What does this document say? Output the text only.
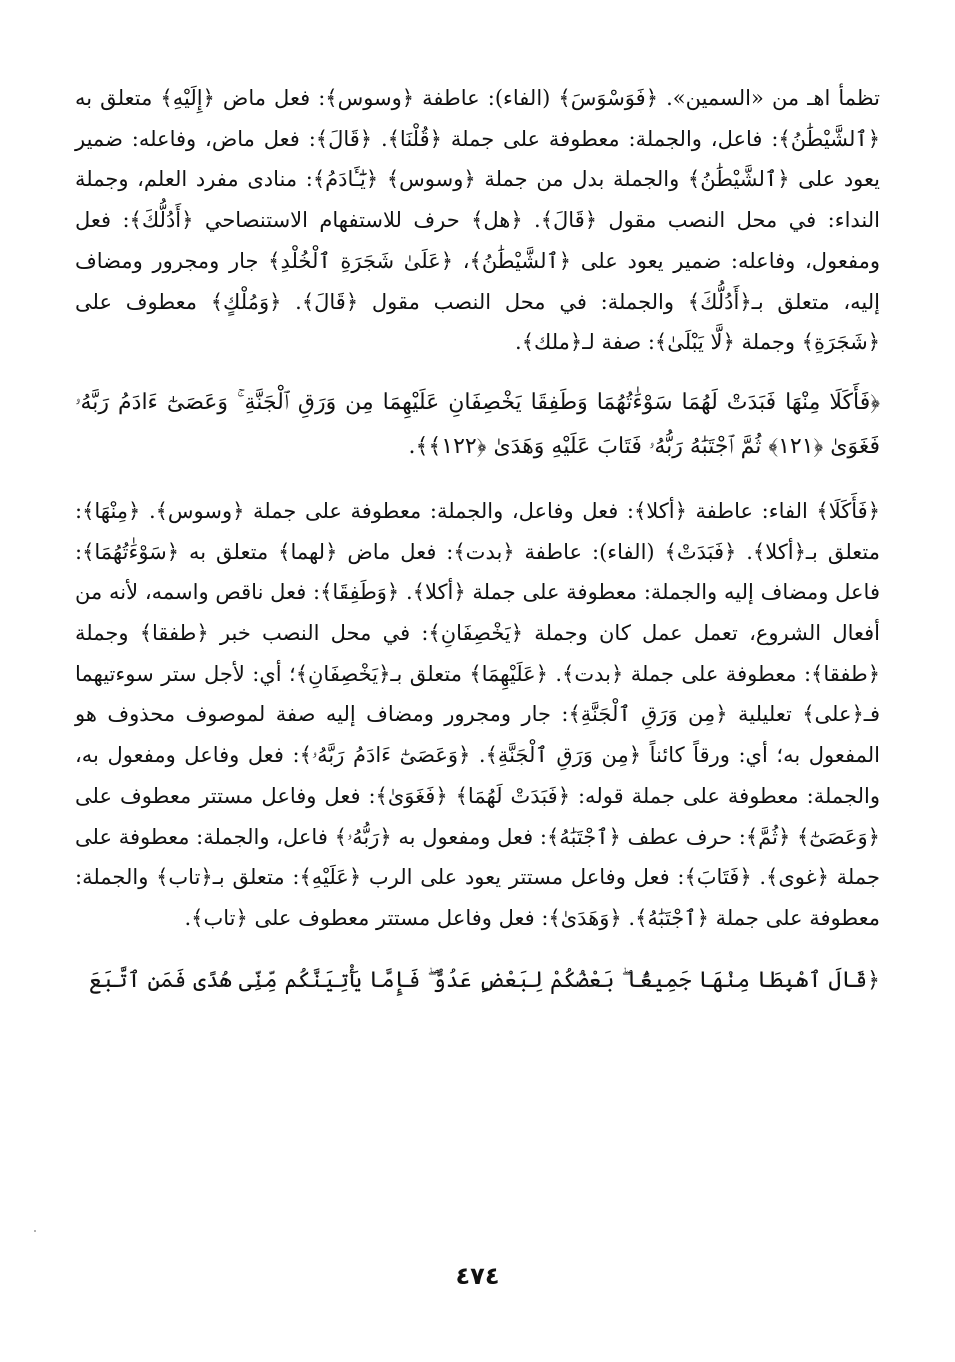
تظمأ اهـ من «السمين». ﴿فَوَسْوَسَ﴾ (الفاء): عاطفة ﴿وسوس﴾: فعل ماض ﴿إِلَيْهِ﴾ متعلق به ﴿ٱلشَّيْطَٰنُ﴾: فاعل، والجملة: معطوفة على جملة ﴿قُلْنَا﴾. ﴿قَالَ﴾: فعل ماض، وفاعله: ضمير يعود على ﴿ٱلشَّيْطَٰنُ﴾ والجملة بدل من جملة ﴿وسوس﴾ ﴿يَٰٓـَٔادَمُ﴾: منادى مفرد العلم، وجملة النداء: في محل النصب مقول ﴿قَالَ﴾. ﴿هل﴾ حرف للاستفهام الاستنصاحي ﴿أَدُلُّكَ﴾: فعل ومفعول، وفاعله: ضمير يعود على ﴿ٱلشَّيْطَٰنُ﴾، ﴿عَلَىٰ شَجَرَةِ ٱلْخُلْدِ﴾ جار ومجرور ومضاف إليه، متعلق بـ﴿أَدُلُّكَ﴾ والجملة: في محل النصب مقول ﴿قَالَ﴾. ﴿وَمُلْكٍ﴾ معطوف على ﴿شَجَرَةِ﴾ وجملة ﴿لَّا يَبْلَىٰ﴾: صفة لـ﴿ملك﴾.

﴿فَأَكَلَا مِنْهَا فَبَدَتْ لَهُمَا سَوْءَٰتُهُمَا وَطَفِقَا يَخْصِفَانِ عَلَيْهِمَا مِن وَرَقِ ٱلْجَنَّةِ ۚ وَعَصَىٰٓ ءَادَمُ رَبَّهُۥ فَغَوَىٰ ﴿١٢١﴾ ثُمَّ ٱجْتَبَٰهُ رَبُّهُۥ فَتَابَ عَلَيْهِ وَهَدَىٰ ﴿١٢٢﴾﴾.

﴿فَأَكَلَا﴾ الفاء: عاطفة ﴿أكلا﴾: فعل وفاعل، والجملة: معطوفة على جملة ﴿وسوس﴾. ﴿مِنْهَا﴾: متعلق بـ﴿أكلا﴾. ﴿فَبَدَتْ﴾ (الفاء): عاطفة ﴿بدت﴾: فعل ماض ﴿لهما﴾ متعلق به ﴿سَوْءَٰتُهُمَا﴾: فاعل ومضاف إليه والجملة: معطوفة على جملة ﴿أكلا﴾. ﴿وَطَفِقَا﴾: فعل ناقص واسمه، لأنه من أفعال الشروع، تعمل عمل كان وجملة ﴿يَخْصِفَانِ﴾: في محل النصب خبر ﴿طفقا﴾ وجملة ﴿طفقا﴾: معطوفة على جملة ﴿بدت﴾. ﴿عَلَيْهِمَا﴾ متعلق بـ﴿يَخْصِفَانِ﴾؛ أي: لأجل ستر سوءتيهما فـ﴿على﴾ تعليلية ﴿مِن وَرَقِ ٱلْجَنَّةِ﴾: جار ومجرور ومضاف إليه صفة لموصوف محذوف هو المفعول به؛ أي: ورقاً كائناً ﴿مِن وَرَقِ ٱلْجَنَّةِ﴾. ﴿وَعَصَىٰٓ ءَادَمُ رَبَّهُۥ﴾: فعل وفاعل ومفعول به، والجملة: معطوفة على جملة قوله: ﴿فَبَدَتْ لَهُمَا﴾ ﴿فَغَوَىٰ﴾: فعل وفاعل مستتر معطوف على ﴿وَعَصَىٰٓ﴾ ﴿ثُمَّ﴾: حرف عطف ﴿ٱجْتَبَٰهُ﴾: فعل ومفعول به ﴿رَبُّهُۥ﴾ فاعل، والجملة: معطوفة على جملة ﴿غوى﴾. ﴿فَتَابَ﴾: فعل وفاعل مستتر يعود على الرب ﴿عَلَيْهِ﴾: متعلق بـ﴿تاب﴾ والجملة: معطوفة على جملة ﴿ٱجْتَبَٰهُ﴾. ﴿وَهَدَىٰ﴾: فعل وفاعل مستتر معطوف على ﴿تاب﴾.

﴿قَالَ ٱهْبِطَا مِنْهَا جَمِيعًۢا ۖ بَعْضُكُمْ لِبَعْضٍ عَدُوٌّ ۖ فَإِمَّا يَأْتِيَنَّكُم مِّنِّى هُدًى فَمَنِ ٱتَّبَعَ

٤٧٤
